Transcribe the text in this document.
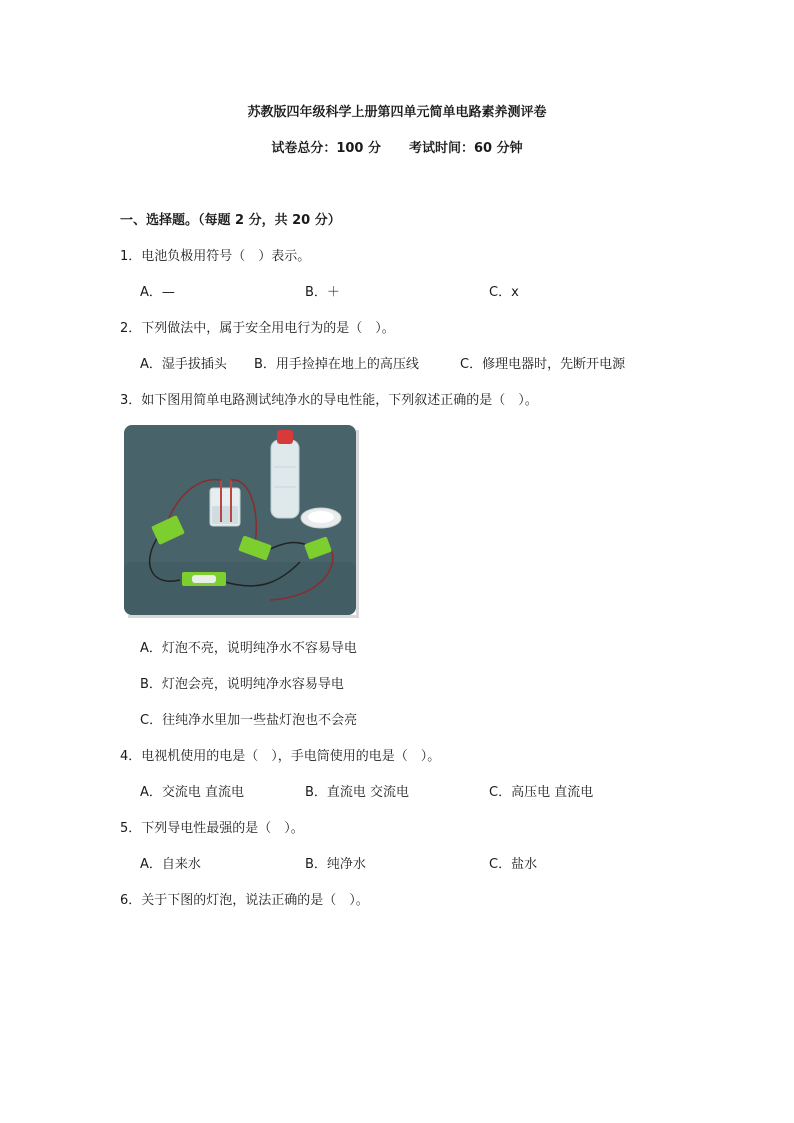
苏教版四年级科学上册第四单元简单电路素养测评卷
试卷总分：100 分 考试时间：60 分钟
一、选择题。（每题 2 分，共 20 分）
1．电池负极用符号（　）表示。
A．—	B．＋	C．x
2．下列做法中，属于安全用电行为的是（　）。
A．湿手拔插头 B．用手捡掉在地上的高压线	C．修理电器时，先断开电源
3．如下图用简单电路测试纯净水的导电性能，下列叙述正确的是（　）。
A．灯泡不亮，说明纯净水不容易导电
B．灯泡会亮，说明纯净水容易导电
C．往纯净水里加一些盐灯泡也不会亮
4．电视机使用的电是（　），手电筒使用的电是（　）。
A．交流电 直流电	B．直流电 交流电	C．高压电 直流电
5．下列导电性最强的是（　）。
A．自来水	B．纯净水	C．盐水
6．关于下图的灯泡，说法正确的是（　）。
